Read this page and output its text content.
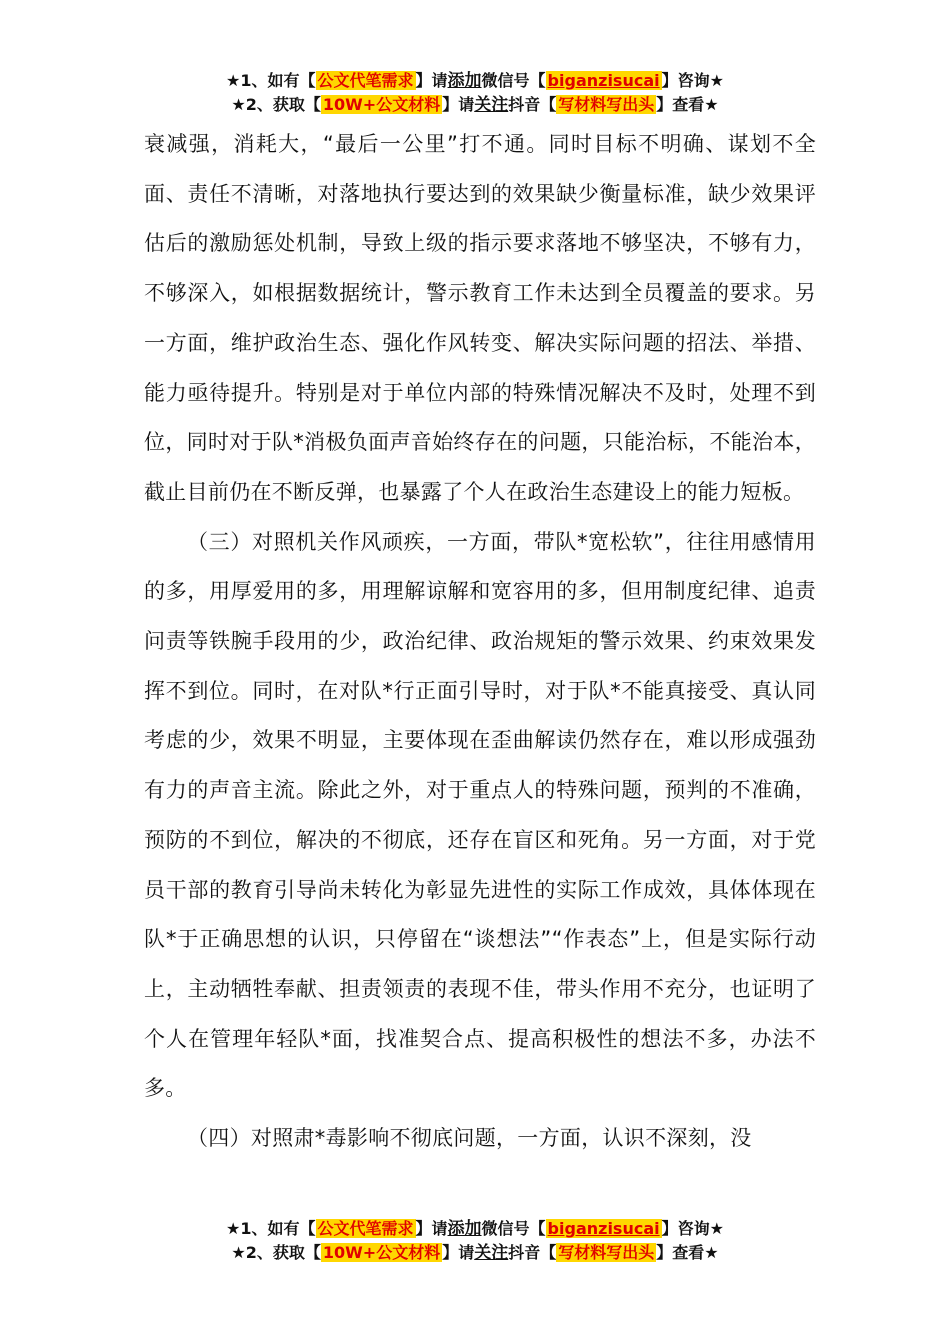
★1、如有【 公文代笔需求 】请添加微信号【 biganzisucai 】咨询★
★2、获取【 10W+公文材料 】请关注抖音【 写材料写出头 】查看★

衰减强，消耗大，“最后一公里”打不通。同时目标不明确、谋划不全面、责任不清晰，对落地执行要达到的效果缺少衡量标准，缺少效果评估后的激励惩处机制，导致上级的指示要求落地不够坚决，不够有力，不够深入，如根据数据统计，警示教育工作未达到全员覆盖的要求。另一方面，维护政治生态、强化作风转变、解决实际问题的招法、举措、能力亟待提升。特别是对于单位内部的特殊情况解决不及时，处理不到位，同时对于队*消极负面声音始终存在的问题，只能治标，不能治本，截止目前仍在不断反弹，也暴露了个人在政治生态建设上的能力短板。

（三）对照机关作风顽疾，一方面，带队*宽松软”，往往用感情用的多，用厚爱用的多，用理解谅解和宽容用的多，但用制度纪律、追责问责等铁腕手段用的少，政治纪律、政治规矩的警示效果、约束效果发挥不到位。同时，在对队*行正面引导时，对于队*不能真接受、真认同考虑的少，效果不明显，主要体现在歪曲解读仍然存在，难以形成强劲有力的声音主流。除此之外，对于重点人的特殊问题，预判的不准确，预防的不到位，解决的不彻底，还存在盲区和死角。另一方面，对于党员干部的教育引导尚未转化为彰显先进性的实际工作成效，具体体现在队*于正确思想的认识，只停留在“谈想法”“作表态”上，但是实际行动上，主动牺牲奉献、担责领责的表现不佳，带头作用不充分，也证明了个人在管理年轻队*面，找准契合点、提高积极性的想法不多，办法不多。

（四）对照肃*毒影响不彻底问题，一方面，认识不深刻，没

★1、如有【 公文代笔需求 】请添加微信号【 biganzisucai 】咨询★
★2、获取【 10W+公文材料 】请关注抖音【 写材料写出头 】查看★
